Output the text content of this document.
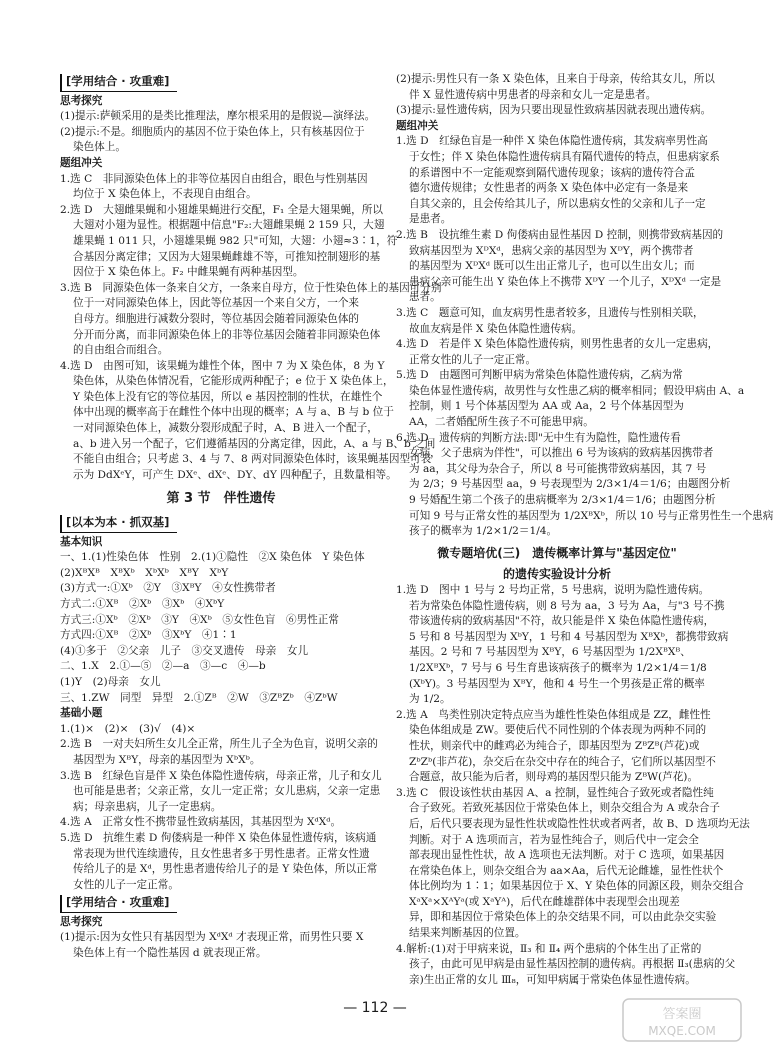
[ 学用结合 · 攻重难 ]
思考探究
(1)提示:萨顿采用的是类比推理法，摩尔根采用的是假说—演绎法。
(2)提示:不是。细胞质内的基因不位于染色体上，只有核基因位于
染色体上。
题组冲关
1.选 C　非同源染色体上的非等位基因自由组合，眼色与性别基因
均位于 X 染色体上，不表现自由组合。
2.选 D　大翅雌果蝇和小翅雄果蝇进行交配，F₁ 全是大翅果蝇，所以
大翅对小翅为显性。根据题中信息"F₂:大翅雌果蝇 2 159 只，大翅
雄果蝇 1 011 只，小翅雄果蝇 982 只"可知，大翅：小翅≈3∶1，符
合基因分离定律；又因为大翅果蝇雌雄不等，可推知控制翅形的基
因位于 X 染色体上。F₂ 中雌果蝇有两种基因型。
3.选 B　同源染色体一条来自父方，一条来自母方，位于性染色体上的基因可分别
位于一对同源染色体上，因此等位基因一个来自父方，一个来
自母方。细胞进行减数分裂时，等位基因会随着同源染色体的
分开而分离，而非同源染色体上的非等位基因会随着非同源染色体
的自由组合而组合。
4.选 D　由图可知，该果蝇为雄性个体，图中 7 为 X 染色体，8 为 Y
染色体，从染色体情况看，它能形成两种配子；e 位于 X 染色体上，
Y 染色体上没有它的等位基因，所以 e 基因控制的性状，在雄性个
体中出现的概率高于在雌性个体中出现的概率；A 与 a、B 与 b 位于
一对同源染色体上，减数分裂形成配子时，A、B 进入一个配子，
a、b 进入另一个配子，它们遵循基因的分离定律，因此，A、a 与 B、b 之间
不能自由组合；只考虑 3、4 与 7、8 两对同源染色体时，该果蝇基因型可表
示为 DdXᵉY，可产生 DXᵉ、dXᵉ、DY、dY 四种配子，且数量相等。
第 3 节　伴性遗传
[ 以本为本 · 抓双基 ]
基本知识
一、1.(1)性染色体　性别　2.(1)①隐性　②X 染色体　Y 染色体
(2)XᴮXᴮ　XᴮXᵇ　XᵇXᵇ　XᴮY　XᵇY
(3)方式一:①Xᵇ　②Y　③XᴮY　④女性携带者
方式二:①Xᴮ　②Xᵇ　③Xᵇ　④XᵇY
方式三:①Xᵇ　②Xᵇ　③Y　④Xᵇ　⑤女性色盲　⑥男性正常
方式四:①Xᴮ　②Xᵇ　③XᵇY　④1∶1
(4)①多于　②父亲　儿子　③交叉遗传　母亲　女儿
二、1.X　2.①—⑤　②—a　③—c　④—b
(1)Y　(2)母亲　女儿
三、1.ZW　同型　异型　2.①Zᴮ　②W　③ZᴮZᵇ　④ZᵇW
基础小题
1.(1)×　(2)×　(3)√　(4)×
2.选 B　一对夫妇所生女儿全正常，所生儿子全为色盲，说明父亲的
基因型为 XᴮY，母亲的基因型为 XᵇXᵇ。
3.选 B　红绿色盲是伴 X 染色体隐性遗传病，母亲正常，儿子和女儿
也可能是患者；父亲正常，女儿一定正常；女儿患病，父亲一定患
病；母亲患病，儿子一定患病。
4.选 A　正常女性不携带显性致病基因，其基因型为 XᵈXᵈ。
5.选 D　抗维生素 D 佝偻病是一种伴 X 染色体显性遗传病，该病通
常表现为世代连续遗传，且女性患者多于男性患者。正常女性遗
传给儿子的是 Xᵈ，男性患者遗传给儿子的是 Y 染色体，所以正常
女性的儿子一定正常。
[ 学用结合 · 攻重难 ]
思考探究
(1)提示:因为女性只有基因型为 XᵈXᵈ 才表现正常，而男性只要 X
染色体上有一个隐性基因 d 就表现正常。
(2)提示:男性只有一条 X 染色体，且来自于母亲，传给其女儿，所以
伴 X 显性遗传病中男患者的母亲和女儿一定是患者。
(3)提示:显性遗传病，因为只要出现显性致病基因就表现出遗传病。
题组冲关
1.选 D　红绿色盲是一种伴 X 染色体隐性遗传病，其发病率男性高
于女性；伴 X 染色体隐性遗传病具有隔代遗传的特点，但患病家系
的系谱图中不一定能观察到隔代遗传现象；该病的遗传符合孟
德尔遗传规律；女性患者的两条 X 染色体中必定有一条是来
自其父亲的，且会传给其儿子，所以患病女性的父亲和儿子一定
是患者。
2.选 B　设抗维生素 D 佝偻病由显性基因 D 控制，则携带致病基因的
致病基因型为 XᴰXᵈ，患病父亲的基因型为 XᴰY，两个携带者
的基因型为 XᴰXᵈ 既可以生出正常儿子，也可以生出女儿；而
患病父亲可能生出 Y 染色体上不携带 XᴰY 一个儿子，XᴰXᵈ 一定是
患者。
3.选 C　题意可知，血友病男性患者较多，且遗传与性别相关联，
故血友病是伴 X 染色体隐性遗传病。
4.选 D　若是伴 X 染色体隐性遗传病，则男性患者的女儿一定患病，
正常女性的儿子一定正常。
5.选 D　由题图可判断甲病为常染色体隐性遗传病，乙病为常
染色体显性遗传病，故男性与女性患乙病的概率相同；假设甲病由 A、a
控制，则 1 号个体基因型为 AA 或 Aa，2 号个体基因型为
AA，二者婚配所生孩子不可能患甲病。
6.选 D　遗传病的判断方法:即"无中生有为隐性，隐性遗传看
女病，父子患病为伴性"，可以推出 6 号为该病的致病基因携带者
为 aa，其父母为杂合子，所以 8 号可能携带致病基因，其 7 号
为 2/3；9 号基因型 aa，9 号表现型为 2/3×1/4＝1/6；由题图分析
9 号婚配生第二个孩子的患病概率为 2/3×1/4＝1/6；由题图分析
可知 9 号与正常女性的基因型为 1/2XᴮXᵇ，所以 10 号与正常男性生一个患病
孩子的概率为 1/2×1/2＝1/4。
微专题培优(三)　遗传概率计算与"基因定位"
的遗传实验设计分析
1.选 D　图中 1 号与 2 号均正常，5 号患病，说明为隐性遗传病。
若为常染色体隐性遗传病，则 8 号为 aa，3 号为 Aa，与"3 号不携
带该遗传病的致病基因"不符，故只能是伴 X 染色体隐性遗传病，
5 号和 8 号基因型为 XᵇY，1 号和 4 号基因型为 XᴮXᵇ，都携带致病
基因。2 号和 7 号基因型为 XᴮY，6 号基因型为 1/2XᴮXᴮ、
1/2XᴮXᵇ，7 号与 6 号生育患该病孩子的概率为 1/2×1/4＝1/8
(XᵇY)。3 号基因型为 XᴮY，他和 4 号生一个男孩是正常的概率
为 1/2。
2.选 A　鸟类性别决定特点应当为雄性性染色体组成是 ZZ，雌性性
染色体组成是 ZW。要使后代不同性别的个体表现为两种不同的
性状，则亲代中的雌鸡必为纯合子，即基因型为 ZᴮZᴮ(芦花)或
ZᵇZᵇ(非芦花)，杂交后在杂交中存在的纯合子，它们所以基因型不
合题意，故只能为后者，则母鸡的基因型只能为 ZᴮW(芦花)。
3.选 C　假设该性状由基因 A、a 控制，显性纯合子致死或者隐性纯
合子致死。若致死基因位于常染色体上，则杂交组合为 A 或杂合子
后，后代只要表现为显性性状或隐性性状或者两者，故 B、D 选项均无法
判断。对于 A 选项而言，若为显性纯合子，则后代中一定会全
部表现出显性性状，故 A 选项也无法判断。对于 C 选项，如果基因
在常染色体上，则杂交组合为 aa×Aa，后代无论雌雄，显性性状个
体比例均为 1∶1；如果基因位于 X、Y 染色体的同源区段，则杂交组合
XᵃXᵃ×XᴬYᵃ(或 XᵃYᴬ)，后代在雌雄群体中表现型会出现差
异，即和基因位于常染色体上的杂交结果不同，可以由此杂交实验
结果来判断基因的位置。
4.解析:(1)对于甲病来说，Ⅱ₃ 和 Ⅱ₄ 两个患病的个体生出了正常的
孩子，由此可见甲病是由显性基因控制的遗传病。再根据 Ⅱ₃(患病的父
亲)生出正常的女儿 Ⅲ₈，可知甲病属于常染色体显性遗传病。
— 112 —	答案圈
MXQE.COM
